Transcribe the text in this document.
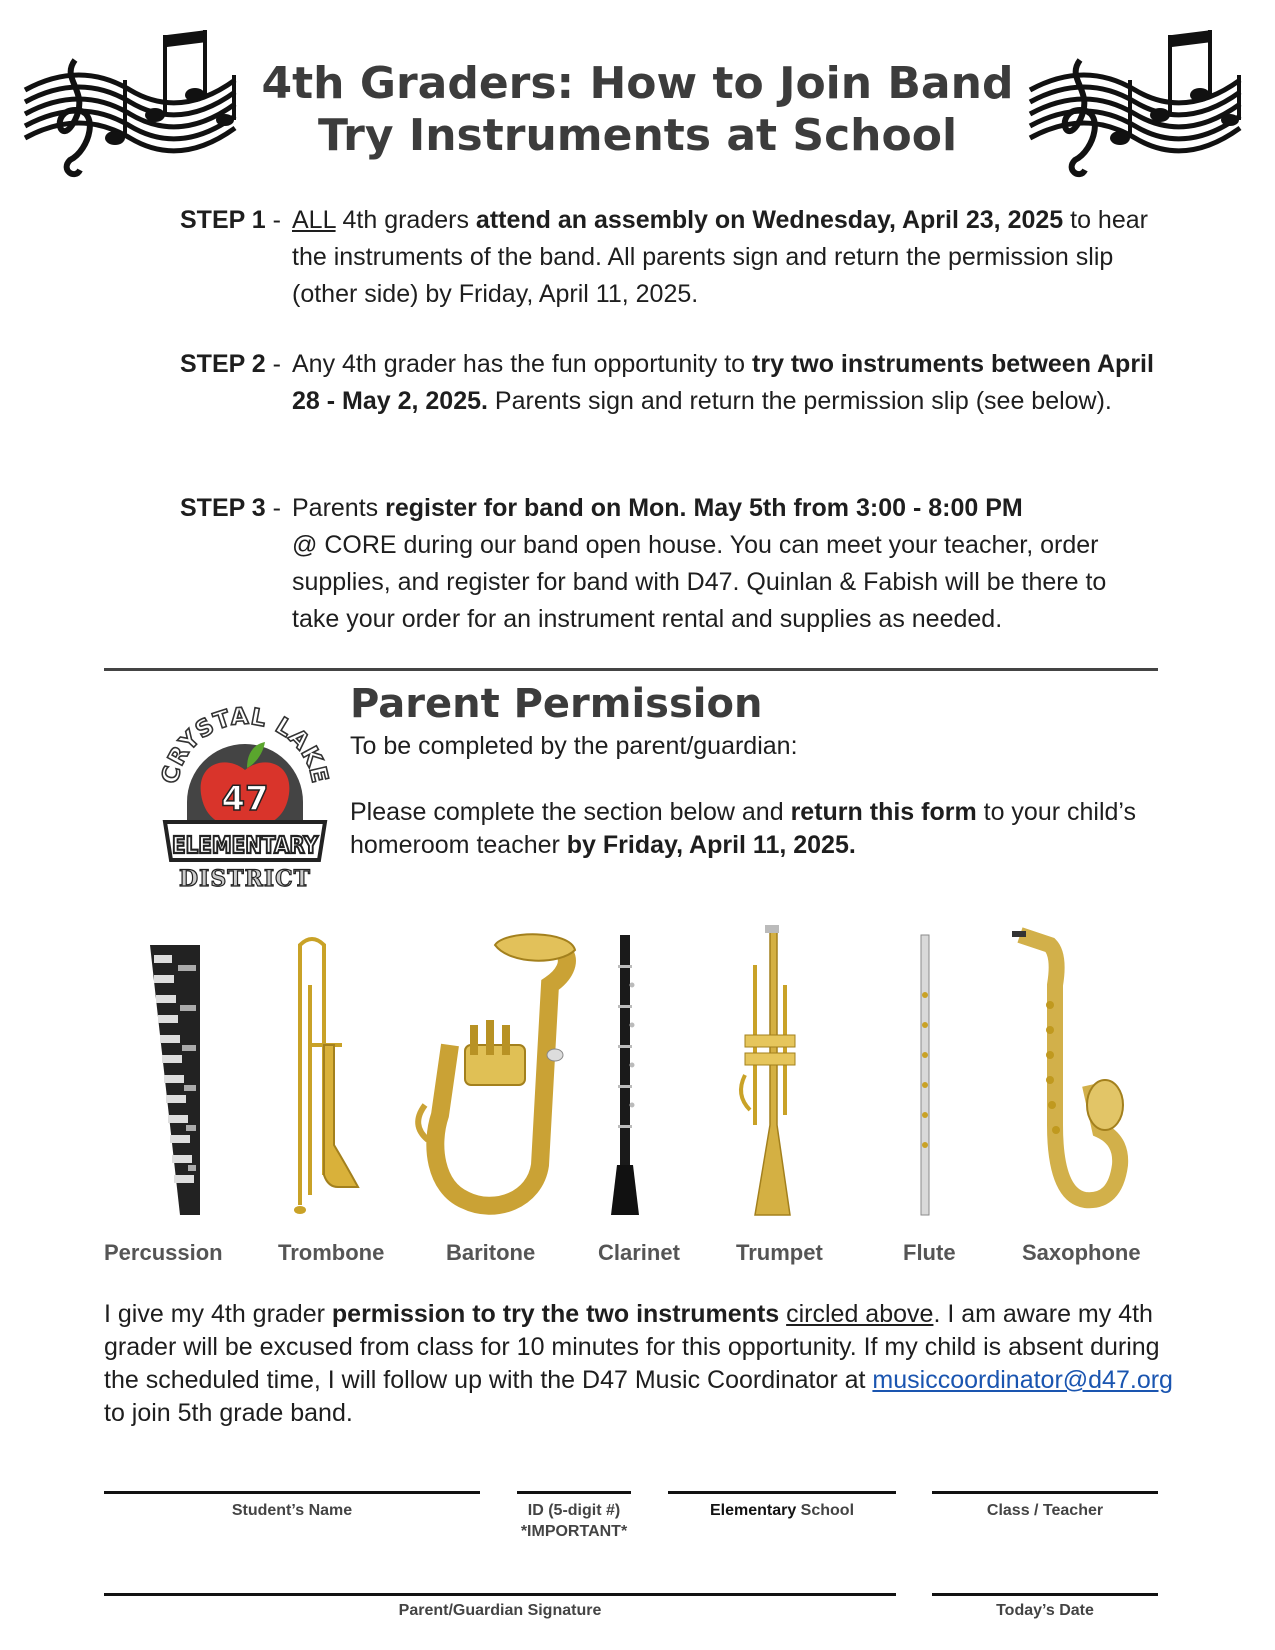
4th Graders: How to Join Band
Try Instruments at School
STEP 1 - ALL 4th graders attend an assembly on Wednesday, April 23, 2025 to hear the instruments of the band. All parents sign and return the permission slip (other side) by Friday, April 11, 2025.
STEP 2 - Any 4th grader has the fun opportunity to try two instruments between April 28 - May 2, 2025. Parents sign and return the permission slip (see below).
STEP 3 - Parents register for band on Mon. May 5th from 3:00 - 8:00 PM
@ CORE during our band open house. You can meet your teacher, order supplies, and register for band with D47. Quinlan & Fabish will be there to take your order for an instrument rental and supplies as needed.
CRYSTAL LAKE
47
ELEMENTARY
DISTRICT
Parent Permission
To be completed by the parent/guardian:
Please complete the section below and return this form to your child’s homeroom teacher by Friday, April 11, 2025.
Percussion	Trombone	Baritone	Clarinet	Trumpet	Flute	Saxophone
I give my 4th grader permission to try the two instruments circled above. I am aware my 4th grader will be excused from class for 10 minutes for this opportunity. If my child is absent during the scheduled time, I will follow up with the D47 Music Coordinator at musiccoordinator@d47.org to join 5th grade band.
Student’s Name	ID (5-digit #)
*IMPORTANT*
Elementary School	Class / Teacher
Parent/Guardian Signature	Today’s Date
